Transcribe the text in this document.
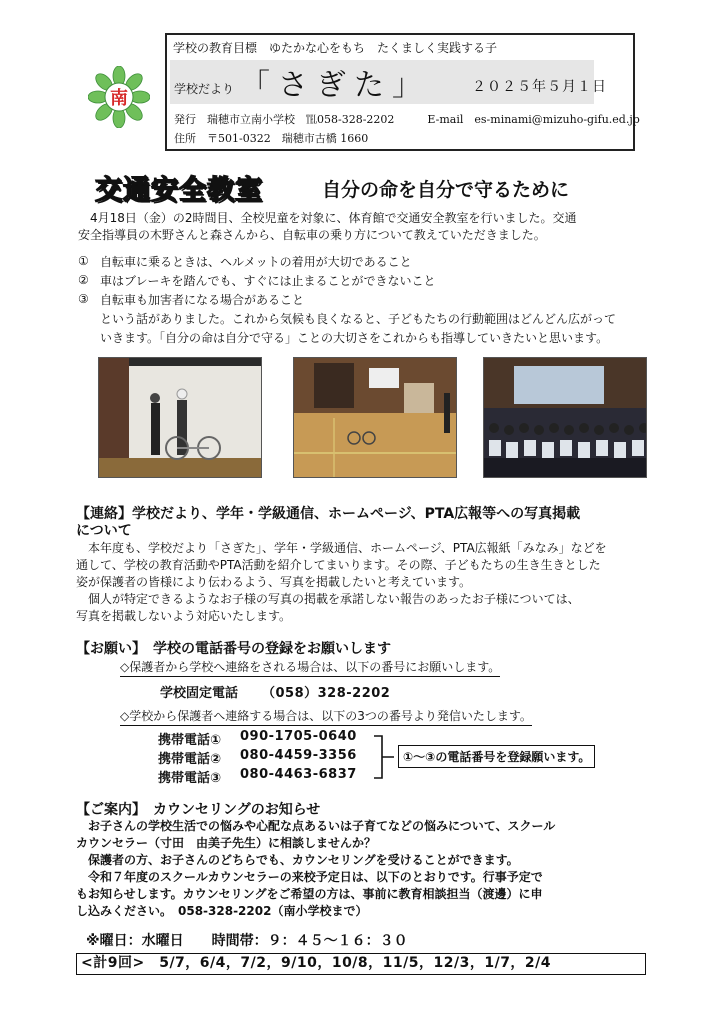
南
学校の教育目標　ゆたかな心をもち　たくましく実践する子
学校だより 「さぎた」	２０２５年５月１日
発行　瑞穂市立南小学校　℡058-328-2202　　　E-mail　es-minami@mizuho-gifu.ed.jp
住所　〒501-0322　瑞穂市古橋 1660
交通安全教室	自分の命を自分で守るために
　4月18日（金）の2時間目、全校児童を対象に、体育館で交通安全教室を行いました。交通
安全指導員の木野さんと森さんから、自転車の乗り方について教えていただきました。
① 自転車に乗るときは、ヘルメットの着用が大切であること
② 車はブレーキを踏んでも、すぐには止まることができないこと
③ 自転車も加害者になる場合があること
という話がありました。これから気候も良くなると、子どもたちの行動範囲はどんどん広がって
いきます。「自分の命は自分で守る」ことの大切さをこれからも指導していきたいと思います。
【連絡】学校だより、学年・学級通信、ホームページ、PTA広報等への写真掲載
について
　本年度も、学校だより「さぎた」、学年・学級通信、ホームページ、PTA広報紙「みなみ」などを
通して、学校の教育活動やPTA活動を紹介してまいります。その際、子どもたちの生き生きとした
姿が保護者の皆様により伝わるよう、写真を掲載したいと考えています。
　個人が特定できるようなお子様の写真の掲載を承諾しない報告のあったお子様については、
写真を掲載しないよう対応いたします。
【お願い】　学校の電話番号の登録をお願いします
◇保護者から学校へ連絡をされる場合は、以下の番号にお願いします。
学校固定電話 （058）328-2202
◇学校から保護者へ連絡する場合は、以下の3つの番号より発信いたします。
携帯電話① 090-1705-0640
携帯電話② 080-4459-3356
携帯電話③ 080-4463-6837
①～③の電話番号を登録願います。
【ご案内】　カウンセリングのお知らせ
　お子さんの学校生活での悩みや心配な点あるいは子育てなどの悩みについて、スクール
カウンセラー（寸田　由美子先生）に相談しませんか？
　保護者の方、お子さんのどちらでも、カウンセリングを受けることができます。
　令和７年度のスクールカウンセラーの来校予定日は、以下のとおりです。行事予定で
もお知らせします。カウンセリングをご希望の方は、事前に教育相談担当（渡邊）に申
し込みください。　058-328-2202（南小学校まで）
※曜日：水曜日　　時間帯：９：４５～１６：３０
<計9回>　5/7，6/4，7/2，9/10，10/8，11/5，12/3，1/7，2/4
